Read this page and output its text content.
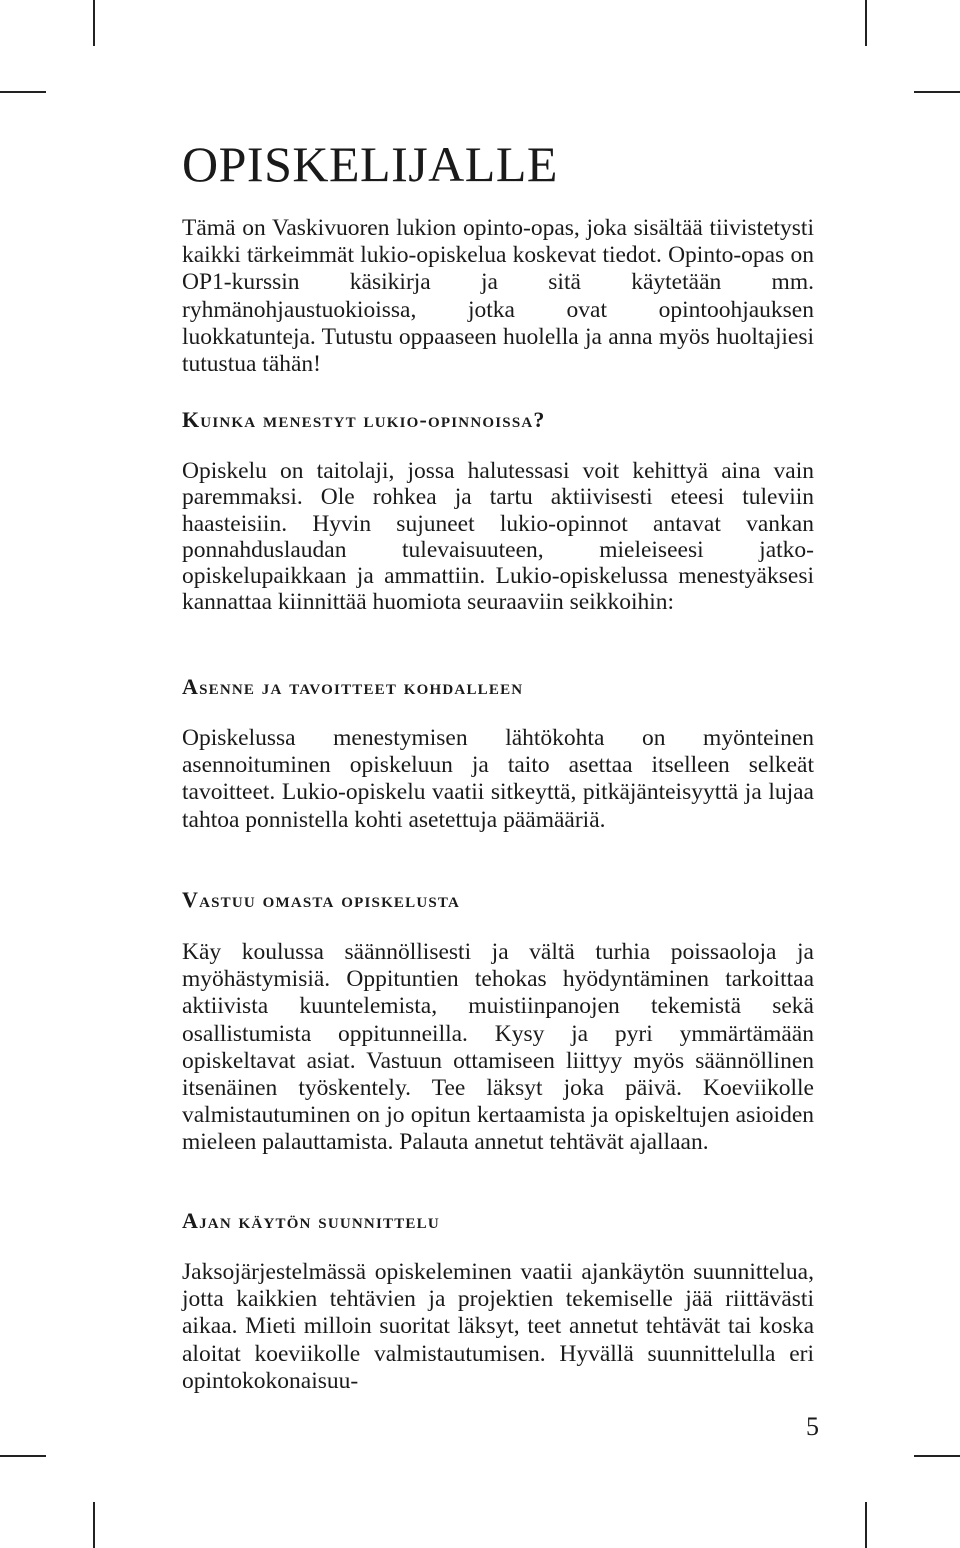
OPISKELIJALLE

Tämä on Vaskivuoren lukion opinto-opas, joka sisältää tiivistetysti kaikki tärkeimmät lukio-opiskelua koskevat tiedot. Opinto-opas on OP1-kurssin käsikirja ja sitä käytetään mm. ryhmänohjaustuokioissa, jotka ovat opintoohjauksen luokkatunteja. Tutustu oppaaseen huolella ja anna myös huoltajiesi tutustua tähän!

Kuinka menestyt lukio-opinnoissa?

Opiskelu on taitolaji, jossa halutessasi voit kehittyä aina vain paremmaksi. Ole rohkea ja tartu aktiivisesti eteesi tuleviin haasteisiin. Hyvin sujuneet lukio-opinnot antavat vankan ponnahduslaudan tulevaisuuteen, mieleiseesi jatko-opiskelupaikkaan ja ammattiin. Lukio-opiskelussa menestyäksesi kannattaa kiinnittää huomiota seuraaviin seikkoihin:

Asenne ja tavoitteet kohdalleen

Opiskelussa menestymisen lähtökohta on myönteinen asennoituminen opiskeluun ja taito asettaa itselleen selkeät tavoitteet. Lukio-opiskelu vaatii sitkeyttä, pitkäjänteisyyttä ja lujaa tahtoa ponnistella kohti asetettuja päämääriä.

Vastuu omasta opiskelusta

Käy koulussa säännöllisesti ja vältä turhia poissaoloja ja myöhästymisiä. Oppituntien tehokas hyödyntäminen tarkoittaa aktiivista kuuntelemista, muistiinpanojen tekemistä sekä osallistumista oppitunneilla. Kysy ja pyri ymmärtämään opiskeltavat asiat. Vastuun ottamiseen liittyy myös säännöllinen itsenäinen työskentely. Tee läksyt joka päivä. Koeviikolle valmistautuminen on jo opitun kertaamista ja opiskeltujen asioiden mieleen palauttamista. Palauta annetut tehtävät ajallaan.

Ajan käytön suunnittelu

Jaksojärjestelmässä opiskeleminen vaatii ajankäytön suunnittelua, jotta kaikkien tehtävien ja projektien tekemiselle jää riittävästi aikaa. Mieti milloin suoritat läksyt, teet annetut tehtävät tai koska aloitat koeviikolle valmistautumisen. Hyvällä suunnittelulla eri opintokokonaisuu-

5
